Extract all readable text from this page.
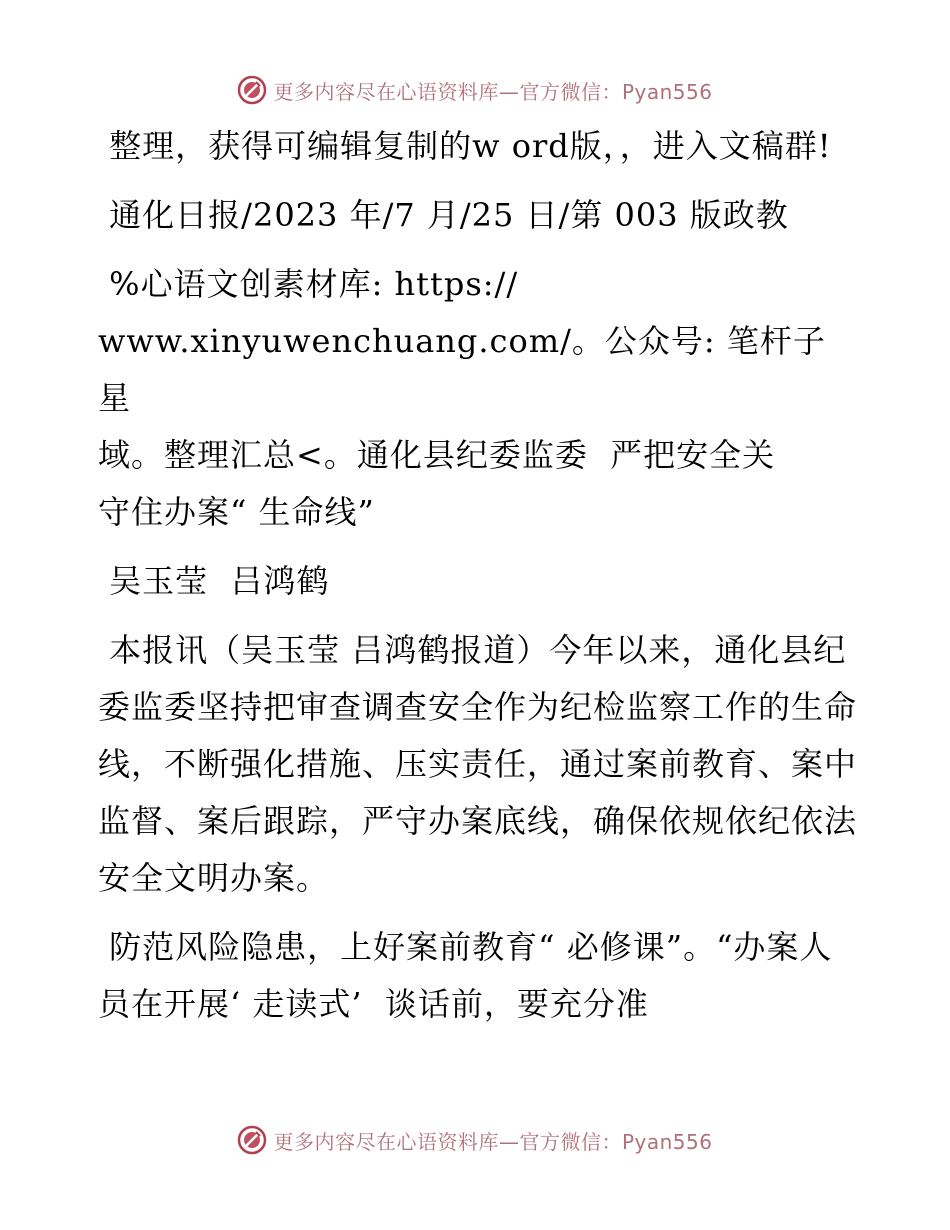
更多内容尽在心语资料库—官方微信：Pyan556

整理，获得可编辑复制的w ord版，，进入文稿群!

通化日报/2023 年/7 月/25 日/第 003 版政教

%心语文创素材库: https://
www.xinyuwenchuang.com/。公众号: 笔杆子星
域。整理汇总<。通化县纪委监委  严把安全关
守住办案“ 生命线”

吴玉莹  吕鸿鹤

本报讯（吴玉莹 吕鸿鹤报道）今年以来，通化县纪委监委坚持把审查调查安全作为纪检监察工作的生命线，不断强化措施、压实责任，通过案前教育、案中监督、案后跟踪，严守办案底线，确保依规依纪依法安全文明办案。

防范风险隐患，上好案前教育“ 必修课”。“办案人员在开展‘ 走读式’  谈话前，要充分准

更多内容尽在心语资料库—官方微信：Pyan556
